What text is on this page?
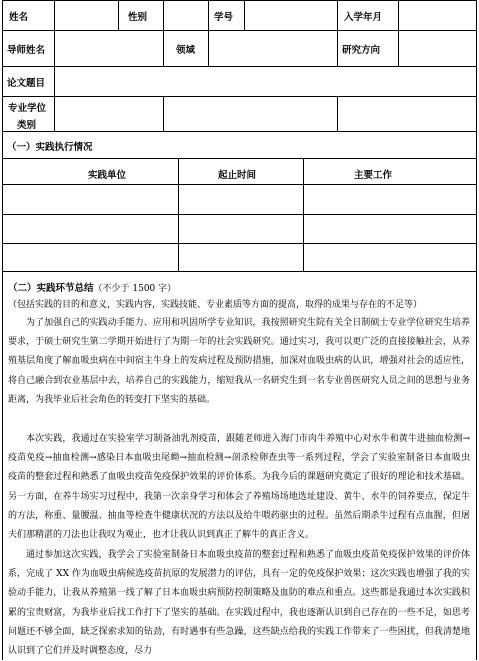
姓名	性别	学号	入学年月
导师姓名	领域	研究方向
论文题目
专业学位
类别
（一）实践执行情况
实践单位	起止时间	主要工作
（二）实践环节总结（不少于 1500 字）
（包括实践的目的和意义，实践内容，实践技能、专业素质等方面的提高，取得的成果与存在的不足等）

为了加强自己的实践动手能力、应用和巩固所学专业知识，我按照研究生院有关全日制硕士专业学位研究生培养要求，于硕士研究生第二学期开始进行了为期一年的社会实践研究。通过实习，我可以更广泛的直接接触社会，从养殖基层角度了解血吸虫病在中间宿主牛身上的发病过程及预防措施，加深对血吸虫病的认识，增强对社会的适应性，将自己融合到农业基层中去，培养自己的实践能力，缩短我从一名研究生到一名专业兽医研究人员之间的思想与业务距离，为我毕业后社会角色的转变打下坚实的基础。

本次实践，我通过在实验室学习制备油乳剂疫苗，跟随老师进入海门市肉牛养殖中心对水牛和黄牛进抽血检测→疫苗免疫→抽血检测→感染日本血吸虫尾蚴→抽血检测→剖杀检卵查虫等一系列过程，学会了实验室制备日本血吸虫疫苗的整套过程和熟悉了血吸虫疫苗免疫保护效果的评价体系。为我今后的课题研究奠定了很好的理论和技术基础。另一方面，在养牛场实习过程中，我第一次亲身学习和体会了养殖场场地选址建设、黄牛、水牛的饲养要点，保定牛的方法，称重、量腰温、抽血等检查牛健康状况的方法以及给牛喂药驱虫的过程。虽然后期杀牛过程有点血腥，但屠夫们那精湛的刀法也让我叹为观止，也才让我认识到真正了解牛的真正含义。

通过参加这次实践，我学会了实验室制备日本血吸虫疫苗的整套过程和熟悉了血吸虫疫苗免疫保护效果的评价体系，完成了 XX 作为血吸虫病候选疫苗抗原的发展潜力的评估，具有一定的免疫保护效果；这次实践也增强了我的实验动手能力，让我从养殖第一线了解了日本血吸虫病预防控制策略及血防的难点和重点。这些都是我通过本次实践积累的宝贵财富，为我毕业后找工作打下了坚实的基础。在实践过程中，我也逐渐认识到自己存在的一些不足，如思考问题还不够全面，缺乏探索求知的钻劲，有时遇事有些急躁，这些缺点给我的实践工作带来了一些困扰，但我清楚地认识到了它们并及时调整态度，尽力
